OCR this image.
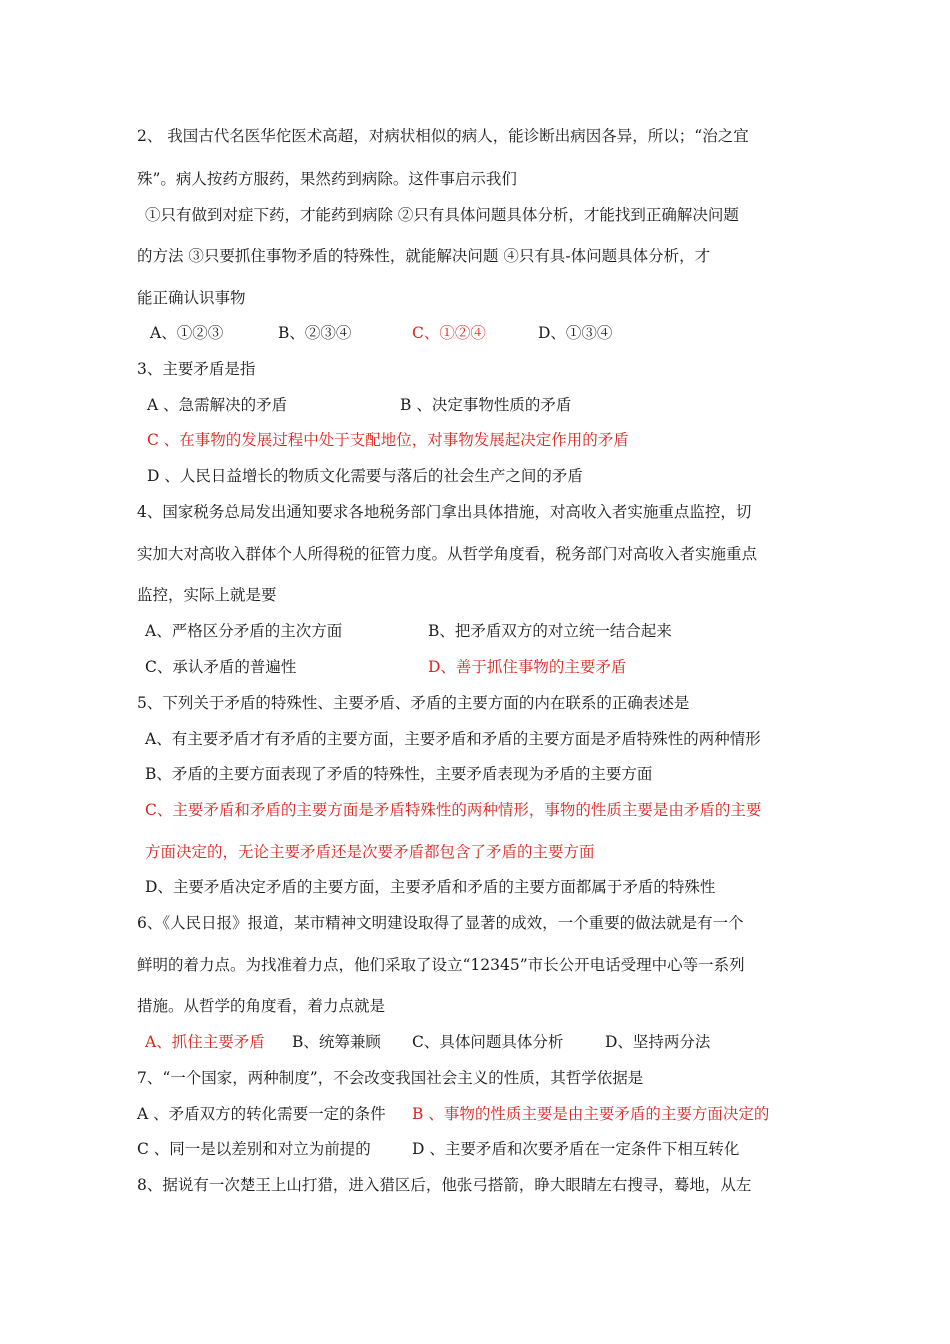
2、 我国古代名医华佗医术高超，对病状相似的病人，能诊断出病因各异，所以；“治之宜
殊”。病人按药方服药，果然药到病除。这件事启示我们
①只有做到对症下药，才能药到病除 ②只有具体问题具体分析，才能找到正确解决问题
的方法 ③只要抓住事物矛盾的特殊性，就能解决问题 ④只有具-体问题具体分析，才
能正确认识事物
A、①②③	B、②③④	C、①②④	D、①③④
3、主要矛盾是指
A 、急需解决的矛盾	B 、决定事物性质的矛盾
C 、在事物的发展过程中处于支配地位，对事物发展起决定作用的矛盾
D 、人民日益增长的物质文化需要与落后的社会生产之间的矛盾
4、国家税务总局发出通知要求各地税务部门拿出具体措施，对高收入者实施重点监控，切
实加大对高收入群体个人所得税的征管力度。从哲学角度看，税务部门对高收入者实施重点
监控，实际上就是要
A、严格区分矛盾的主次方面	B、把矛盾双方的对立统一结合起来
C、承认矛盾的普遍性	D、善于抓住事物的主要矛盾
5、下列关于矛盾的特殊性、主要矛盾、矛盾的主要方面的内在联系的正确表述是
A、有主要矛盾才有矛盾的主要方面，主要矛盾和矛盾的主要方面是矛盾特殊性的两种情形
B、矛盾的主要方面表现了矛盾的特殊性，主要矛盾表现为矛盾的主要方面
C、主要矛盾和矛盾的主要方面是矛盾特殊性的两种情形，事物的性质主要是由矛盾的主要
方面决定的，无论主要矛盾还是次要矛盾都包含了矛盾的主要方面
D、主要矛盾决定矛盾的主要方面，主要矛盾和矛盾的主要方面都属于矛盾的特殊性
6、《人民日报》报道，某市精神文明建设取得了显著的成效，一个重要的做法就是有一个
鲜明的着力点。为找准着力点，他们采取了设立“12345”市长公开电话受理中心等一系列
措施。从哲学的角度看，着力点就是
A、抓住主要矛盾 B、统筹兼顾 C、具体问题具体分析	D、坚持两分法
7、“一个国家，两种制度”，不会改变我国社会主义的性质，其哲学依据是
A 、矛盾双方的转化需要一定的条件 B 、事物的性质主要是由主要矛盾的主要方面决定的
C 、同一是以差别和对立为前提的	D 、主要矛盾和次要矛盾在一定条件下相互转化
8、据说有一次楚王上山打猎，进入猎区后，他张弓搭箭，睁大眼睛左右搜寻，蓦地，从左
